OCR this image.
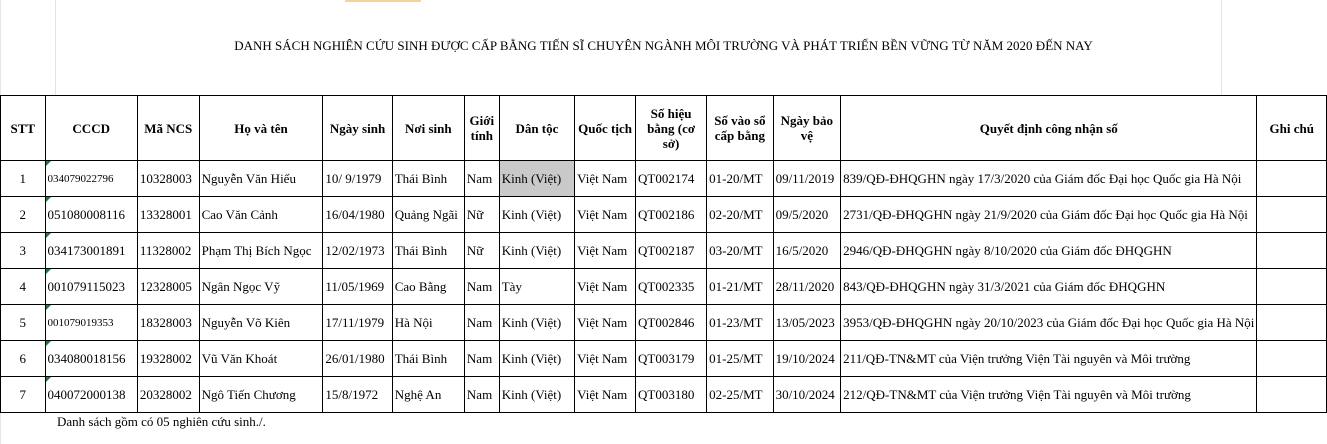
DANH SÁCH NGHIÊN CỨU SINH ĐƯỢC CẤP BẰNG TIẾN SĨ CHUYÊN NGÀNH MÔI TRƯỜNG VÀ PHÁT TRIỂN BỀN VỮNG TỪ NĂM 2020 ĐẾN NAY
STT	CCCD	Mã NCS	Họ và tên	Ngày sinh	Nơi sinh	Giới tính	Dân tộc	Quốc tịch	Số hiệu bằng (cơ sở)	Số vào sổ cấp bằng	Ngày bảo vệ	Quyết định công nhận số	Ghi chú
1	034079022796	10328003	Nguyễn Văn Hiếu	10/ 9/1979	Thái Bình	Nam	Kinh (Việt)	Việt Nam	QT002174	01-20/MT	09/11/2019	839/QĐ-ĐHQGHN ngày 17/3/2020 của Giám đốc Đại học Quốc gia Hà Nội	
2	051080008116	13328001	Cao Văn Cảnh	16/04/1980	Quảng Ngãi	Nữ	Kinh (Việt)	Việt Nam	QT002186	02-20/MT	09/5/2020	2731/QĐ-ĐHQGHN ngày 21/9/2020 của Giám đốc Đại học Quốc gia Hà Nội	
3	034173001891	11328002	Phạm Thị Bích Ngọc	12/02/1973	Thái Bình	Nữ	Kinh (Việt)	Việt Nam	QT002187	03-20/MT	16/5/2020	2946/QĐ-ĐHQGHN ngày 8/10/2020 của Giám đốc ĐHQGHN	
4	001079115023	12328005	Ngân Ngọc Vỹ	11/05/1969	Cao Bằng	Nam	Tày	Việt Nam	QT002335	01-21/MT	28/11/2020	843/QĐ-ĐHQGHN ngày 31/3/2021 của Giám đốc ĐHQGHN	
5	001079019353	18328003	Nguyễn Võ Kiên	17/11/1979	Hà Nội	Nam	Kinh (Việt)	Việt Nam	QT002846	01-23/MT	13/05/2023	3953/QĐ-ĐHQGHN ngày 20/10/2023 của Giám đốc Đại học Quốc gia Hà Nội	
6	034080018156	19328002	Vũ Văn Khoát	26/01/1980	Thái Bình	Nam	Kinh (Việt)	Việt Nam	QT003179	01-25/MT	19/10/2024	211/QĐ-TN&MT của Viện trưởng Viện Tài nguyên và Môi trường	
7	040072000138	20328002	Ngô Tiến Chương	15/8/1972	Nghệ An	Nam	Kinh (Việt)	Việt Nam	QT003180	02-25/MT	30/10/2024	212/QĐ-TN&MT của Viện trưởng Viện Tài nguyên và Môi trường	
Danh sách gồm có 05 nghiên cứu sinh./.
